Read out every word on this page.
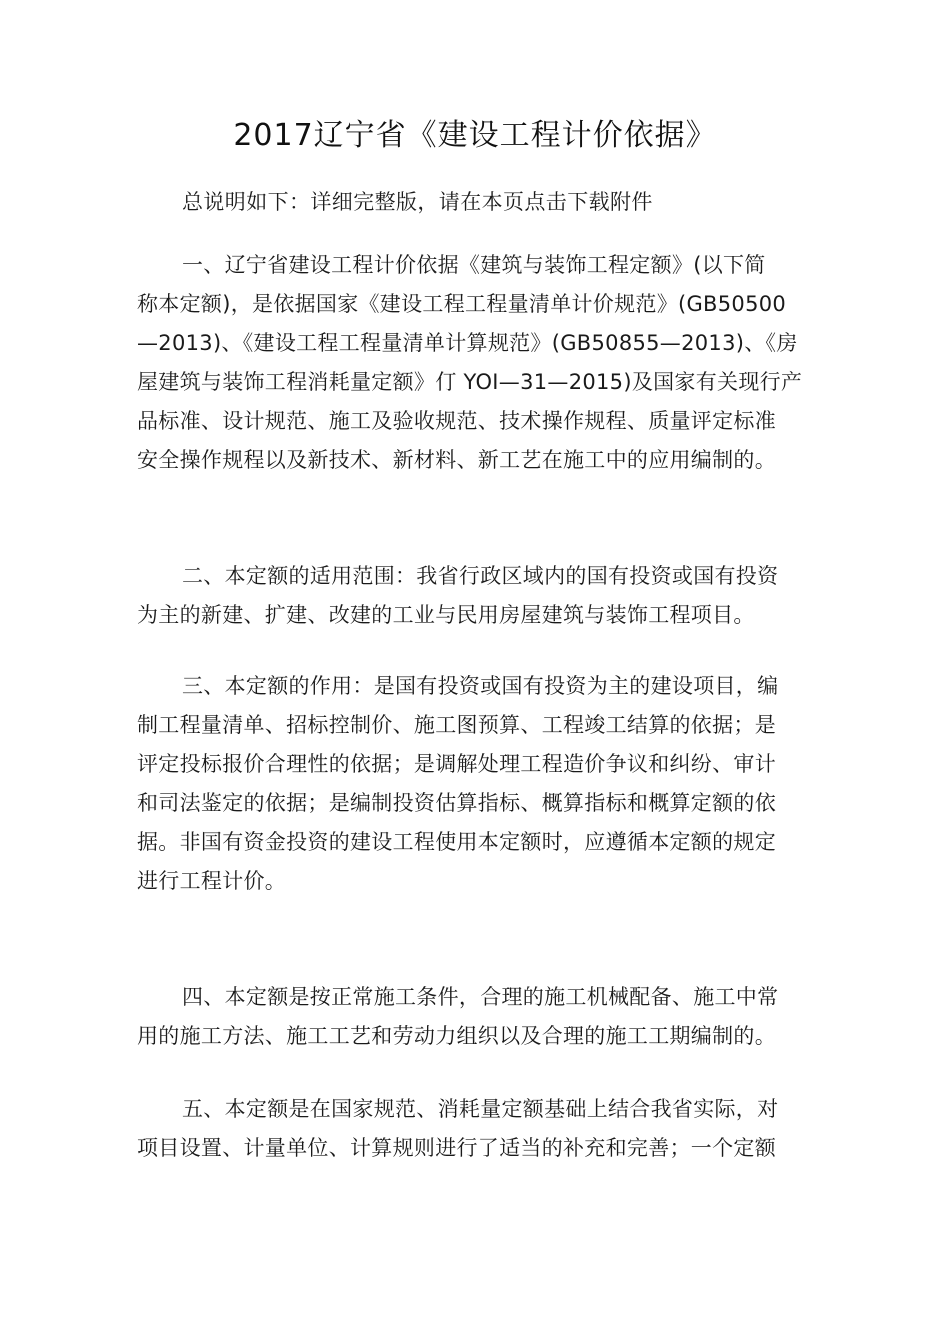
2017辽宁省《建设工程计价依据》
总说明如下：详细完整版，请在本页点击下载附件
一、辽宁省建设工程计价依据《建筑与装饰工程定额》(以下简
称本定额)，是依据国家《建设工程工程量清单计价规范》(GB50500
—2013)、《建设工程工程量清单计算规范》(GB50855—2013)、《房
屋建筑与装饰工程消耗量定额》仃 YOI—31—2015)及国家有关现行产
品标准、设计规范、施工及验收规范、技术操作规程、质量评定标准
安全操作规程以及新技术、新材料、新工艺在施工中的应用编制的。
二、本定额的适用范围：我省行政区域内的国有投资或国有投资
为主的新建、扩建、改建的工业与民用房屋建筑与装饰工程项目。
三、本定额的作用：是国有投资或国有投资为主的建设项目，编
制工程量清单、招标控制价、施工图预算、工程竣工结算的依据；是
评定投标报价合理性的依据；是调解处理工程造价争议和纠纷、审计
和司法鉴定的依据；是编制投资估算指标、概算指标和概算定额的依
据。非国有资金投资的建设工程使用本定额时，应遵循本定额的规定
进行工程计价。
四、本定额是按正常施工条件，合理的施工机械配备、施工中常
用的施工方法、施工工艺和劳动力组织以及合理的施工工期编制的。
五、本定额是在国家规范、消耗量定额基础上结合我省实际，对
项目设置、计量单位、计算规则进行了适当的补充和完善；一个定额
